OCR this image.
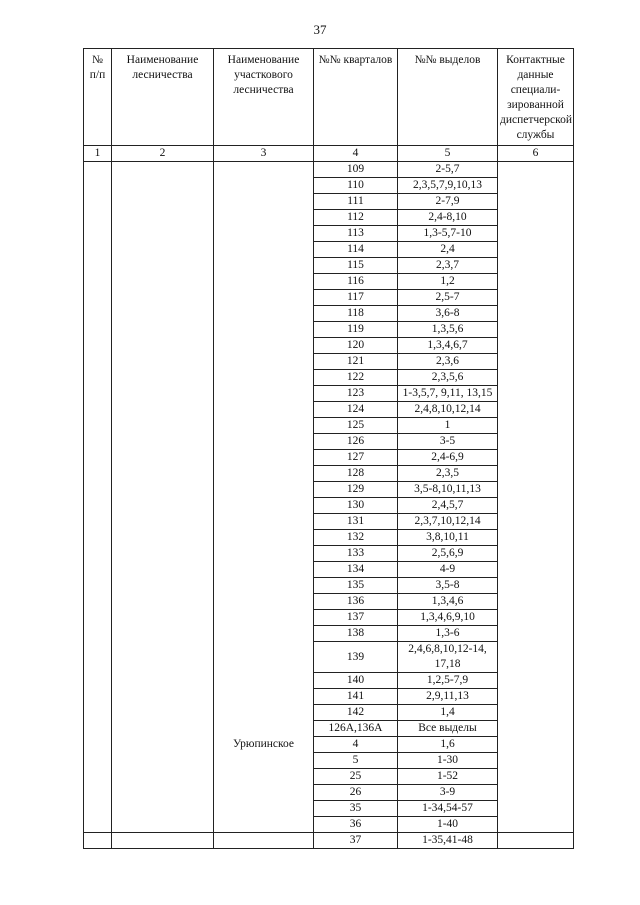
37
№ п/п	Наименование лесничества	Наименование участкового лесничества	№№ кварталов	№№ выделов	Контактные данные специали-зированной диспетчерской службы
1	2	3	4	5	6
			109	2-5,7	
			110	2,3,5,7,9,10,13	
			111	2-7,9	
			112	2,4-8,10	
			113	1,3-5,7-10	
			114	2,4	
			115	2,3,7	
			116	1,2	
			117	2,5-7	
			118	3,6-8	
			119	1,3,5,6	
			120	1,3,4,6,7	
			121	2,3,6	
			122	2,3,5,6	
			123	1-3,5,7, 9,11, 13,15	
			124	2,4,8,10,12,14	
			125	1	
			126	3-5	
			127	2,4-6,9	
			128	2,3,5	
			129	3,5-8,10,11,13	
			130	2,4,5,7	
			131	2,3,7,10,12,14	
			132	3,8,10,11	
			133	2,5,6,9	
			134	4-9	
			135	3,5-8	
			136	1,3,4,6	
			137	1,3,4,6,9,10	
			138	1,3-6	
			139	2,4,6,8,10,12-14, 17,18	
			140	1,2,5-7,9	
			141	2,9,11,13	
			142	1,4	
			126А,136А	Все выделы	
		Урюпинское	4	1,6	
			5	1-30	
			25	1-52	
			26	3-9	
			35	1-34,54-57	
			36	1-40	
			37	1-35,41-48	
